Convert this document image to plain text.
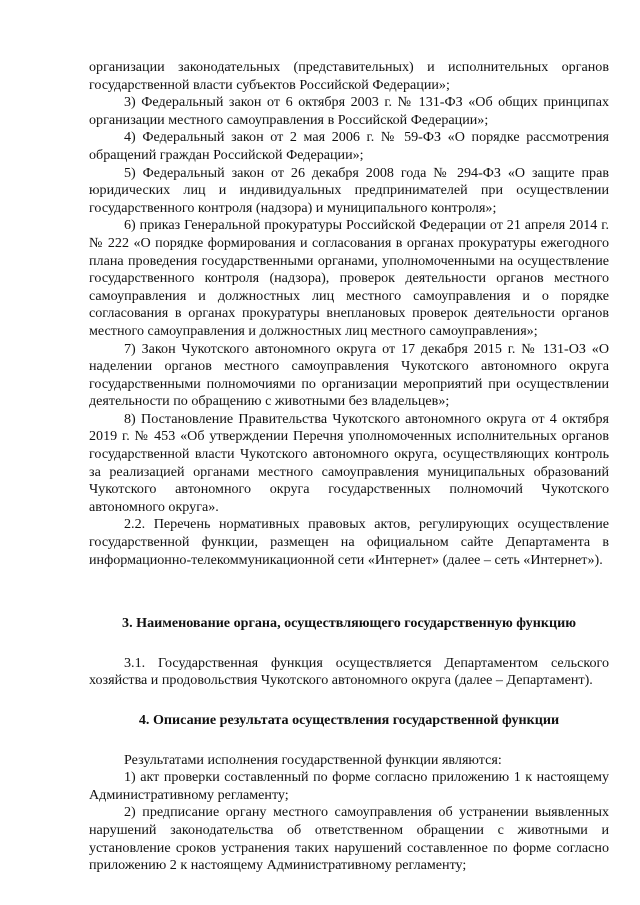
организации законодательных (представительных) и исполнительных органов государственной власти субъектов Российской Федерации»;

3) Федеральный закон от 6 октября 2003 г. № 131-ФЗ «Об общих принципах организации местного самоуправления в Российской Федерации»;

4) Федеральный закон от 2 мая 2006 г. № 59-ФЗ «О порядке рассмотрения обращений граждан Российской Федерации»;

5) Федеральный закон от 26 декабря 2008 года № 294-ФЗ «О защите прав юридических лиц и индивидуальных предпринимателей при осуществлении государственного контроля (надзора) и муниципального контроля»;

6) приказ Генеральной прокуратуры Российской Федерации от 21 апреля 2014 г. № 222 «О порядке формирования и согласования в органах прокуратуры ежегодного плана проведения государственными органами, уполномоченными на осуществление государственного контроля (надзора), проверок деятельности органов местного самоуправления и должностных лиц местного самоуправления и о порядке согласования в органах прокуратуры внеплановых проверок деятельности органов местного самоуправления и должностных лиц местного самоуправления»;

7) Закон Чукотского автономного округа от 17 декабря 2015 г. № 131-ОЗ «О наделении органов местного самоуправления Чукотского автономного округа государственными полномочиями по организации мероприятий при осуществлении деятельности по обращению с животными без владельцев»;

8) Постановление Правительства Чукотского автономного округа от 4 октября 2019 г. № 453 «Об утверждении Перечня уполномоченных исполнительных органов государственной власти Чукотского автономного округа, осуществляющих контроль за реализацией органами местного самоуправления муниципальных образований Чукотского автономного округа государственных полномочий Чукотского автономного округа».

2.2. Перечень нормативных правовых актов, регулирующих осуществление государственной функции, размещен на официальном сайте Департамента в информационно-телекоммуникационной сети «Интернет» (далее – сеть «Интернет»).

3. Наименование органа, осуществляющего государственную функцию

3.1. Государственная функция осуществляется Департаментом сельского хозяйства и продовольствия Чукотского автономного округа (далее – Департамент).

4. Описание результата осуществления государственной функции

Результатами исполнения государственной функции являются:

1) акт проверки составленный по форме согласно приложению 1 к настоящему Административному регламенту;

2) предписание органу местного самоуправления об устранении выявленных нарушений законодательства об ответственном обращении с животными и установление сроков устранения таких нарушений составленное по форме согласно приложению 2 к настоящему Административному регламенту;
